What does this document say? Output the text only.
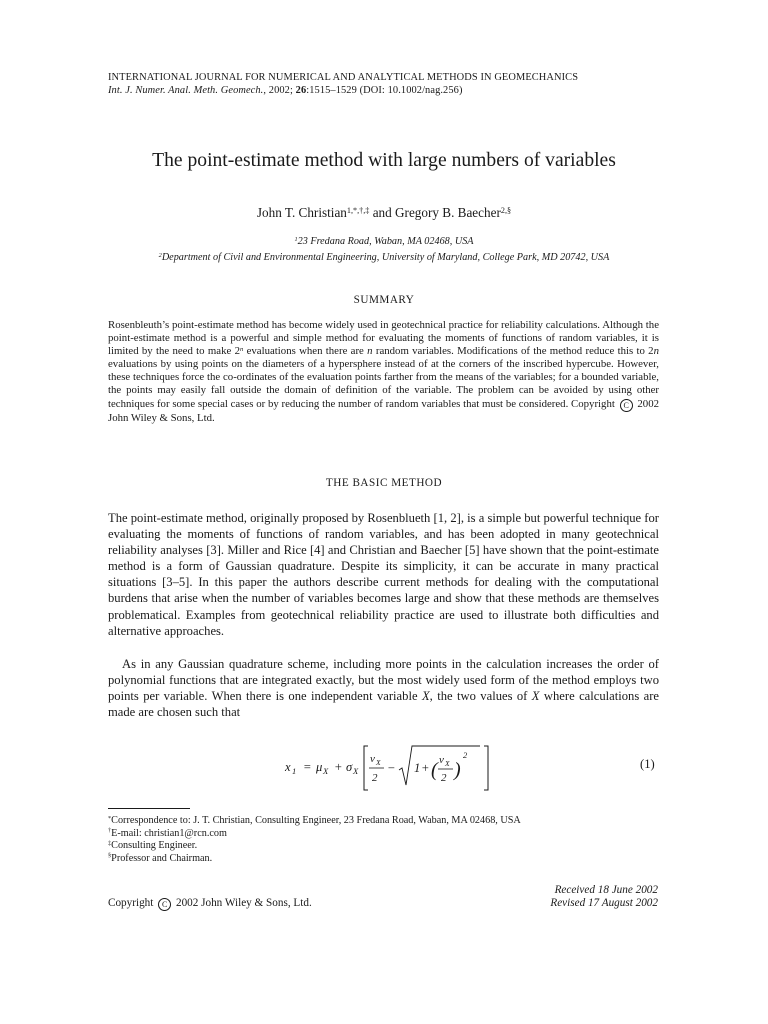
INTERNATIONAL JOURNAL FOR NUMERICAL AND ANALYTICAL METHODS IN GEOMECHANICS
Int. J. Numer. Anal. Meth. Geomech., 2002; 26:1515–1529 (DOI: 10.1002/nag.256)
The point-estimate method with large numbers of variables
John T. Christian$^{1,*,\dagger,\ddagger}$ and Gregory B. Baecher$^{2,\S}$
$^1$23 Fredana Road, Waban, MA 02468, USA
$^2$Department of Civil and Environmental Engineering, University of Maryland, College Park, MD 20742, USA
SUMMARY
Rosenbleuth’s point-estimate method has become widely used in geotechnical practice for reliability calculations. Although the point-estimate method is a powerful and simple method for evaluating the moments of functions of random variables, it is limited by the need to make 2$^n$ evaluations when there are n random variables. Modifications of the method reduce this to 2n evaluations by using points on the diameters of a hypersphere instead of at the corners of the inscribed hypercube. However, these techniques force the co-ordinates of the evaluation points farther from the means of the variables; for a bounded variable, the points may easily fall outside the domain of definition of the variable. The problem can be avoided by using other techniques for some special cases or by reducing the number of random variables that must be considered. Copyright C 2002 John Wiley & Sons, Ltd.
THE BASIC METHOD
The point-estimate method, originally proposed by Rosenblueth [1, 2], is a simple but powerful technique for evaluating the moments of functions of random variables, and has been adopted in many geotechnical reliability analyses [3]. Miller and Rice [4] and Christian and Baecher [5] have shown that the point-estimate method is a form of Gaussian quadrature. Despite its simplicity, it can be accurate in many practical situations [3–5]. In this paper the authors describe current methods for dealing with the computational burdens that arise when the number of variables becomes large and show that these methods are themselves problematical. Examples from geotechnical reliability practice are used to illustrate both difficulties and alternative approaches.
As in any Gaussian quadrature scheme, including more points in the calculation increases the order of polynomial functions that are integrated exactly, but the most widely used form of the method employs two points per variable. When there is one independent variable X, the two values of X where calculations are made are chosen such that
x 1 = μ X + σ X
ν X
2
− 1 + ( ν X
2 )
2
(1)
*Correspondence to: J. T. Christian, Consulting Engineer, 23 Fredana Road, Waban, MA 02468, USA
†E-mail: christian1@rcn.com
‡Consulting Engineer.
§Professor and Chairman.
Copyright C 2002 John Wiley & Sons, Ltd.
Received 18 June 2002
Revised 17 August 2002
